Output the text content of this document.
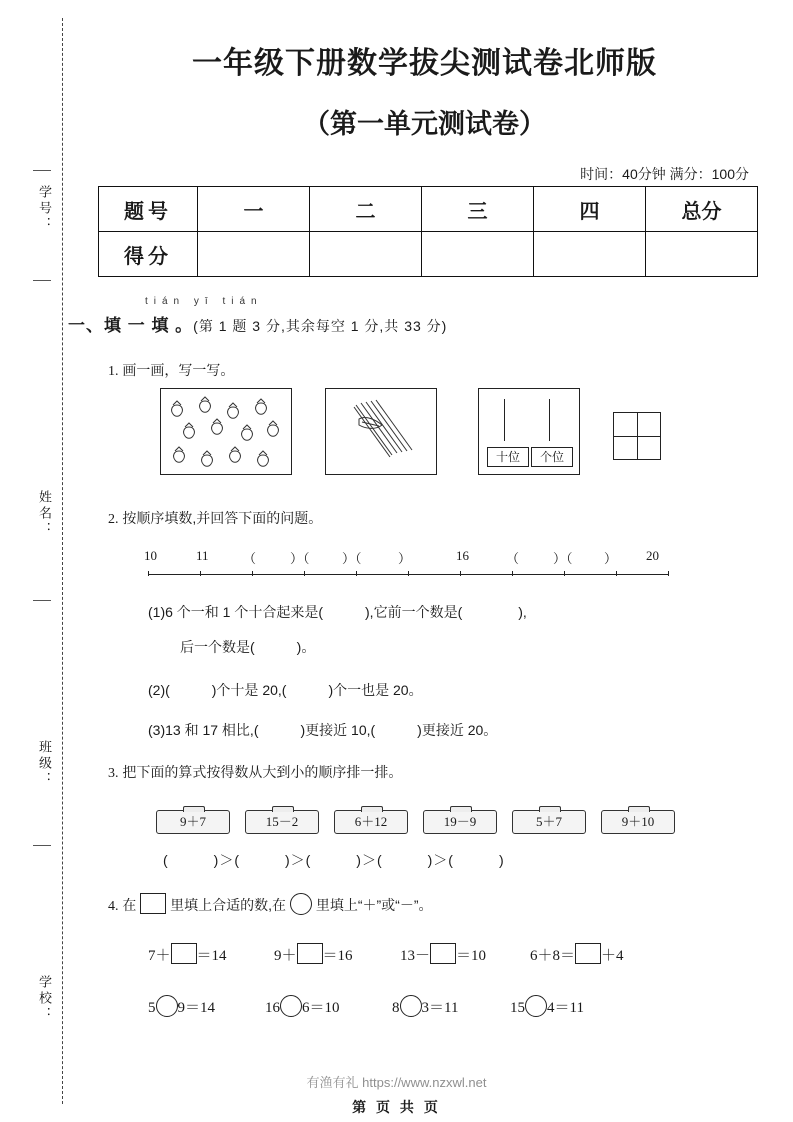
学号：
姓名：
班级：
学校：
一年级下册数学拔尖测试卷北师版
（第一单元测试卷）
时间：40分钟 满分：100分
题号	一	二	三	四	总分
得分					
tián yī tián
一、填 一 填 。(第 1 题 3 分,其余每空 1 分,共 33 分)
1. 画一画，写一写。
十位	个位
2. 按顺序填数,并回答下面的问题。
10	11	（	）（ ）（	）	16	（	）（ ） 20
(1)6 个一和 1 个十合起来是(　　　),它前一个数是(　　　　),
后一个数是(　　　)。
(2)(　　　)个十是 20,(　　　)个一也是 20。
(3)13 和 17 相比,(　　　)更接近 10,(　　　)更接近 20。
3. 把下面的算式按得数从大到小的顺序排一排。
9＋7	15－2	6＋12	19－9	5＋7	9＋10
(　　　)＞(　　　)＞(　　　)＞(　　　)＞(　　　)
4. 在 里填上合适的数,在 里填上“＋”或“－”。
7＋ ＝14	9＋ ＝16	13－ ＝10	6＋8＝ ＋4
5 9＝14	16 6＝10	8 3＝11	15 4＝11
有渔有礼 https://www.nzxwl.net
第 页 共 页
